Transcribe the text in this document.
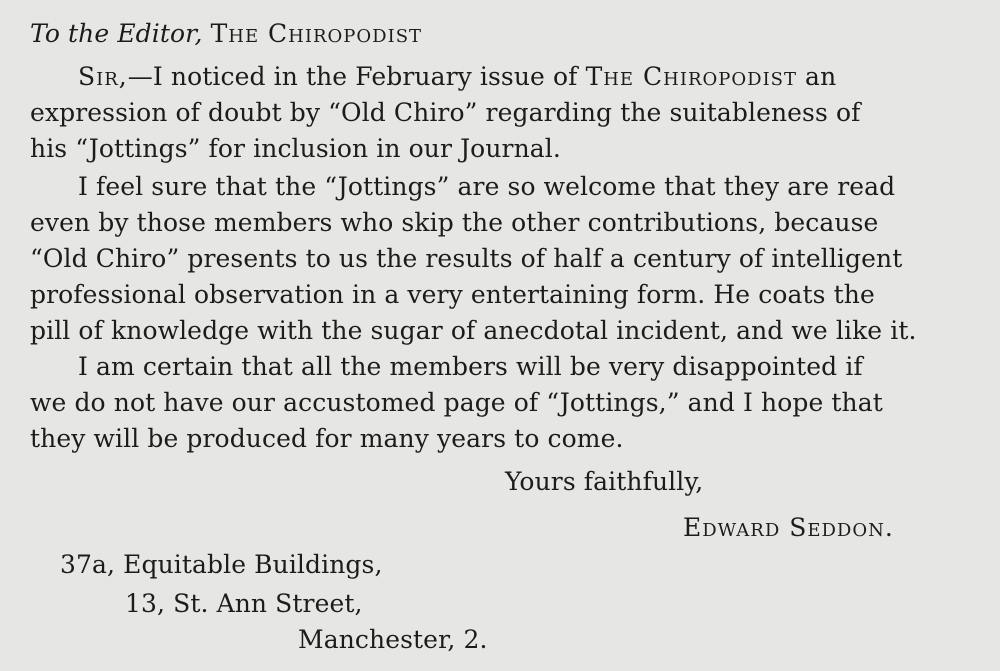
To the Editor, The Chiropodist
Sir,—I noticed in the February issue of The Chiropodist an
expression of doubt by “Old Chiro” regarding the suitableness of
his “Jottings” for inclusion in our Journal.
I feel sure that the “Jottings” are so welcome that they are read
even by those members who skip the other contributions, because
“Old Chiro” presents to us the results of half a century of intelligent
professional observation in a very entertaining form. He coats the
pill of knowledge with the sugar of anecdotal incident, and we like it.
I am certain that all the members will be very disappointed if
we do not have our accustomed page of “Jottings,” and I hope that
they will be produced for many years to come.
Yours faithfully,
Edward Seddon.
37a, Equitable Buildings,
13, St. Ann Street,
Manchester, 2.
